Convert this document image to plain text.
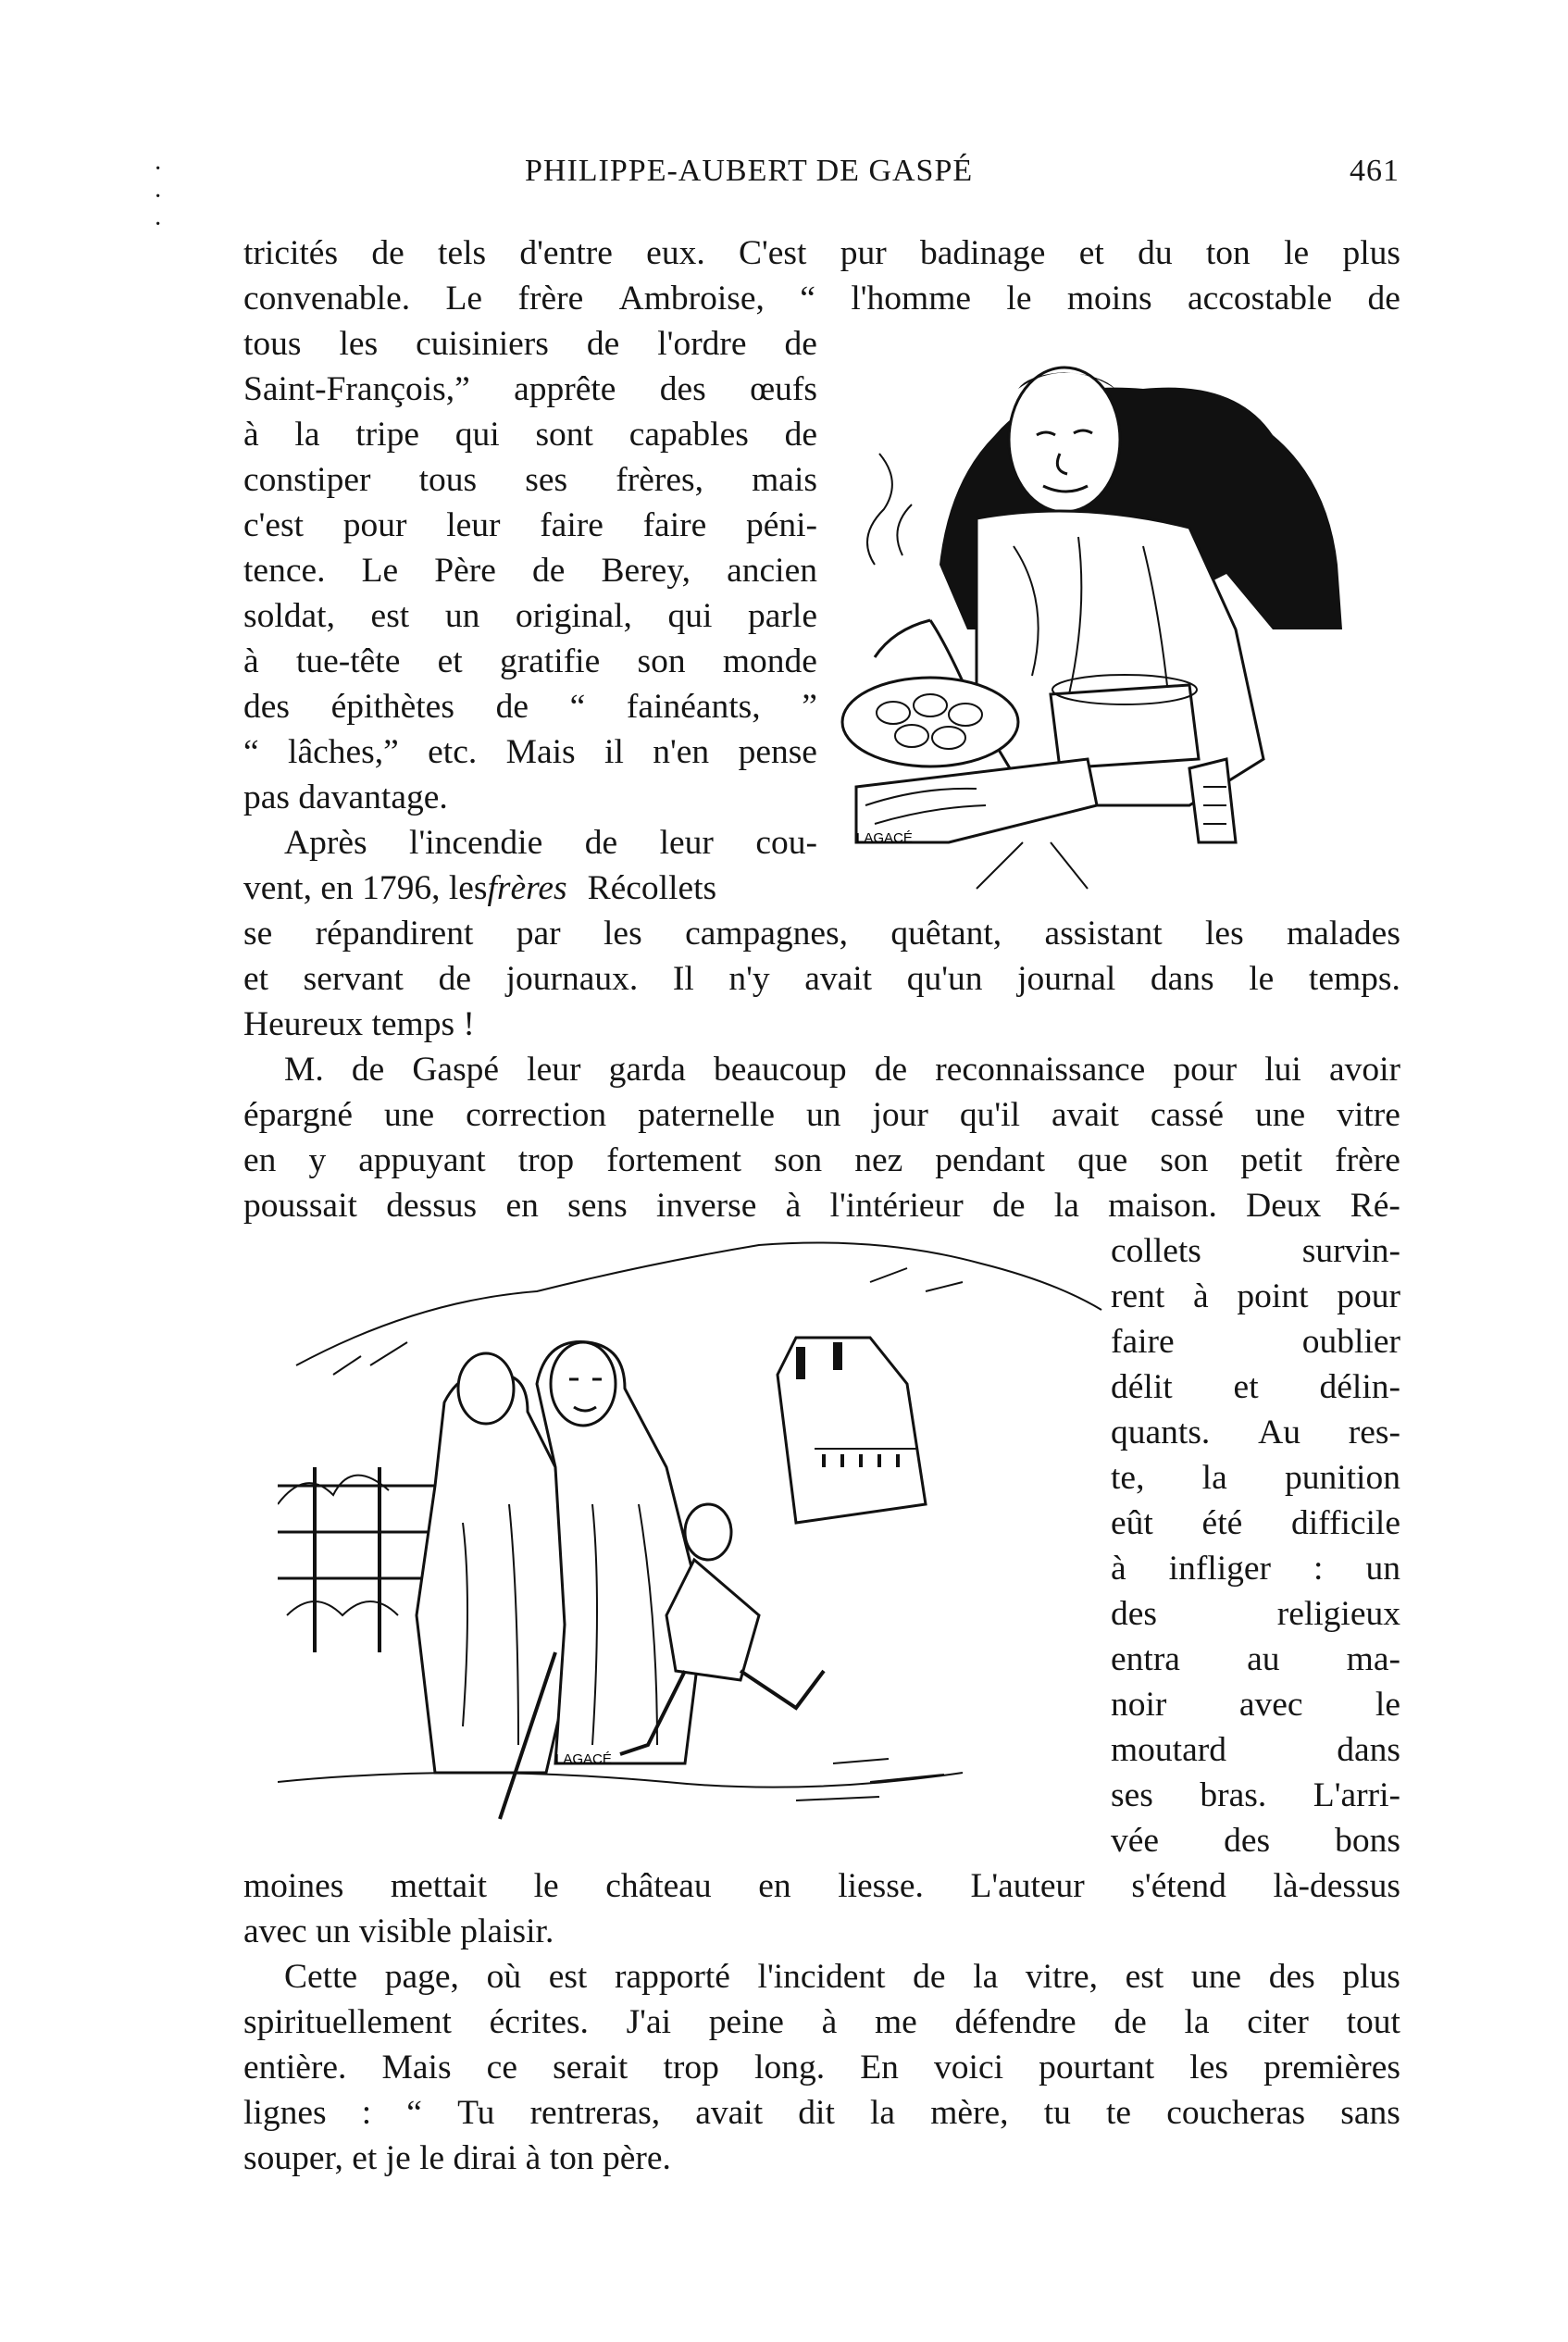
PHILIPPE-AUBERT DE GASPÉ	461
·
·
·
tricités de tels d'entre eux. C'est pur badinage et du ton le plus
convenable. Le frère Ambroise, “ l'homme le moins accostable de
tous les cuisiniers de l'ordre de
Saint-François,” apprête des œufs
à la tripe qui sont capables de
constiper tous ses frères, mais
c'est pour leur faire faire péni-
tence. Le Père de Berey, ancien
soldat, est un original, qui parle
à tue-tête et gratifie son monde
des épithètes de “ fainéants, ”
“ lâches,” etc. Mais il n'en pense
pas davantage.
Après l'incendie de leur cou-
vent, en 1796, les frères Récollets
se répandirent par les campagnes, quêtant, assistant les malades
et servant de journaux. Il n'y avait qu'un journal dans le temps.
Heureux temps !
M. de Gaspé leur garda beaucoup de reconnaissance pour lui avoir
épargné une correction paternelle un jour qu'il avait cassé une vitre
en y appuyant trop fortement son nez pendant que son petit frère
poussait dessus en sens inverse à l'intérieur de la maison. Deux Ré-
collets	survin-
rent à point pour
faire	oublier
délit et délin-
quants. Au res-
te, la punition
eût été difficile
à infliger : un
des	religieux
entra au ma-
noir avec le
moutard	dans
ses bras. L'arri-
vée des bons
moines mettait le château en liesse. L'auteur s'étend là-dessus
avec un visible plaisir.
Cette page, où est rapporté l'incident de la vitre, est une des plus
spirituellement écrites. J'ai peine à me défendre de la citer tout
entière. Mais ce serait trop long. En voici pourtant les premières
lignes : “ Tu rentreras, avait dit la mère, tu te coucheras sans
souper, et je le dirai à ton père.
LAGACÉ
LAGACÉ
